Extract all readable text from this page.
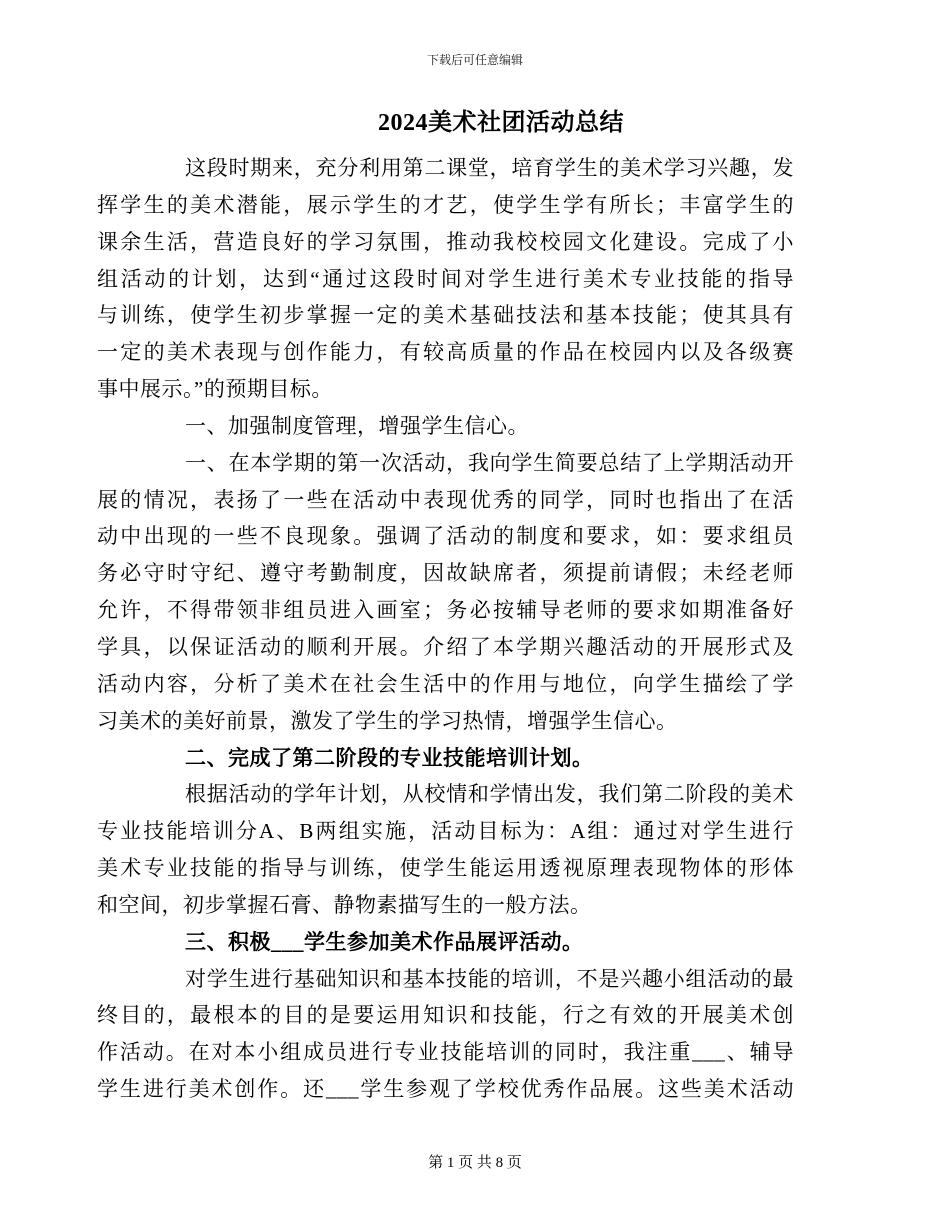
下载后可任意编辑
2024美术社团活动总结
这段时期来，充分利用第二课堂，培育学生的美术学习兴趣，发
挥学生的美术潜能，展示学生的才艺，使学生学有所长；丰富学生的
课余生活，营造良好的学习氛围，推动我校校园文化建设。完成了小
组活动的计划，达到“通过这段时间对学生进行美术专业技能的指导
与训练，使学生初步掌握一定的美术基础技法和基本技能；使其具有
一定的美术表现与创作能力，有较高质量的作品在校园内以及各级赛
事中展示。”的预期目标。
一、加强制度管理，增强学生信心。
一、在本学期的第一次活动，我向学生简要总结了上学期活动开
展的情况，表扬了一些在活动中表现优秀的同学，同时也指出了在活
动中出现的一些不良现象。强调了活动的制度和要求，如：要求组员
务必守时守纪、遵守考勤制度，因故缺席者，须提前请假；未经老师
允许，不得带领非组员进入画室；务必按辅导老师的要求如期准备好
学具，以保证活动的顺利开展。介绍了本学期兴趣活动的开展形式及
活动内容，分析了美术在社会生活中的作用与地位，向学生描绘了学
习美术的美好前景，激发了学生的学习热情，增强学生信心。
二、完成了第二阶段的专业技能培训计划。
根据活动的学年计划，从校情和学情出发，我们第二阶段的美术
专业技能培训分A、B两组实施，活动目标为：A组：通过对学生进行
美术专业技能的指导与训练，使学生能运用透视原理表现物体的形体
和空间，初步掌握石膏、静物素描写生的一般方法。
三、积极___学生参加美术作品展评活动。
对学生进行基础知识和基本技能的培训，不是兴趣小组活动的最
终目的，最根本的目的是要运用知识和技能，行之有效的开展美术创
作活动。在对本小组成员进行专业技能培训的同时，我注重___、辅导
学生进行美术创作。还___学生参观了学校优秀作品展。这些美术活动
第 1 页 共 8 页
